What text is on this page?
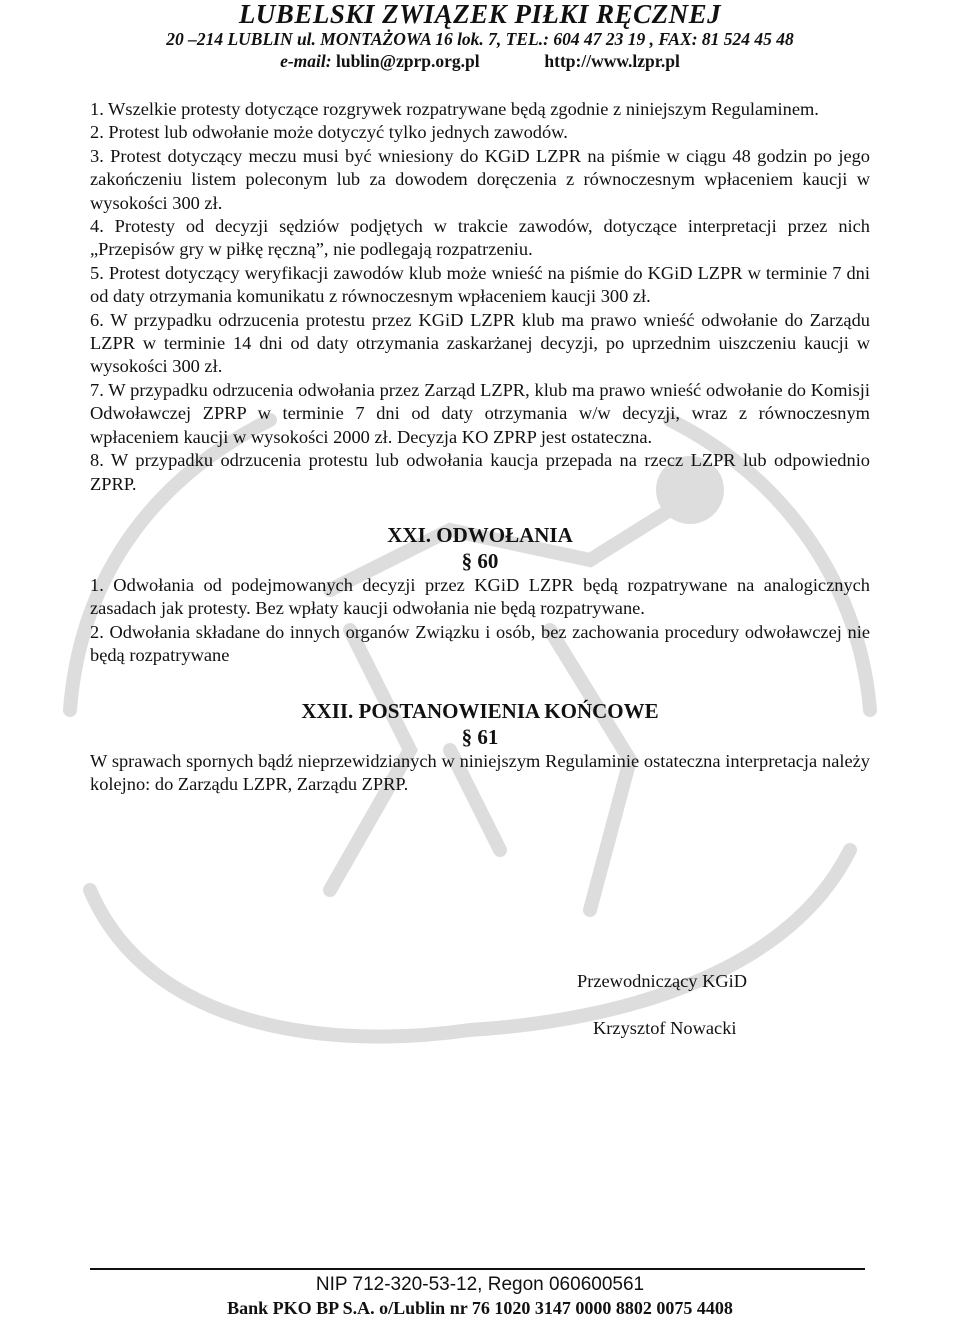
LUBELSKI ZWIĄZEK PIŁKI RĘCZNEJ
20 –214 LUBLIN ul. MONTAŻOWA 16 lok. 7, TEL.: 604 47 23 19 , FAX: 81 524 45 48
e-mail: lublin@zprp.org.pl	http://www.lzpr.pl

1. Wszelkie protesty dotyczące rozgrywek rozpatrywane będą zgodnie z niniejszym Regulaminem.

2. Protest lub odwołanie może dotyczyć tylko jednych zawodów.

3. Protest dotyczący meczu musi być wniesiony do KGiD LZPR na piśmie w ciągu 48 godzin po jego zakończeniu listem poleconym lub za dowodem doręczenia z równoczesnym wpłaceniem kaucji w wysokości 300 zł.

4. Protesty od decyzji sędziów podjętych w trakcie zawodów, dotyczące interpretacji przez nich „Przepisów gry w piłkę ręczną”, nie podlegają rozpatrzeniu.

5. Protest dotyczący weryfikacji zawodów klub może wnieść na piśmie do KGiD LZPR w terminie 7 dni od daty otrzymania komunikatu z równoczesnym wpłaceniem kaucji 300 zł.

6. W przypadku odrzucenia protestu przez KGiD LZPR klub ma prawo wnieść odwołanie do Zarządu LZPR w terminie 14 dni od daty otrzymania zaskarżanej decyzji, po uprzednim uiszczeniu kaucji w wysokości 300 zł.

7. W przypadku odrzucenia odwołania przez Zarząd LZPR, klub ma prawo wnieść odwołanie do Komisji Odwoławczej ZPRP w terminie 7 dni od daty otrzymania w/w decyzji, wraz z równoczesnym wpłaceniem kaucji w wysokości 2000 zł. Decyzja KO ZPRP jest ostateczna.

8. W przypadku odrzucenia protestu lub odwołania kaucja przepada na rzecz LZPR lub odpowiednio ZPRP.

XXI. ODWOŁANIA

§ 60

1. Odwołania od podejmowanych decyzji przez KGiD LZPR będą rozpatrywane na analogicznych zasadach jak protesty. Bez wpłaty kaucji odwołania nie będą rozpatrywane.

2. Odwołania składane do innych organów Związku i osób, bez zachowania procedury odwoławczej nie będą rozpatrywane

XXII. POSTANOWIENIA KOŃCOWE

§ 61

W sprawach spornych bądź nieprzewidzianych w niniejszym Regulaminie ostateczna interpretacja należy kolejno: do Zarządu LZPR, Zarządu ZPRP.

Przewodniczący KGiD
Krzysztof Nowacki
NIP 712-320-53-12, Regon 060600561
Bank PKO BP S.A. o/Lublin nr 76 1020 3147 0000 8802 0075 4408
